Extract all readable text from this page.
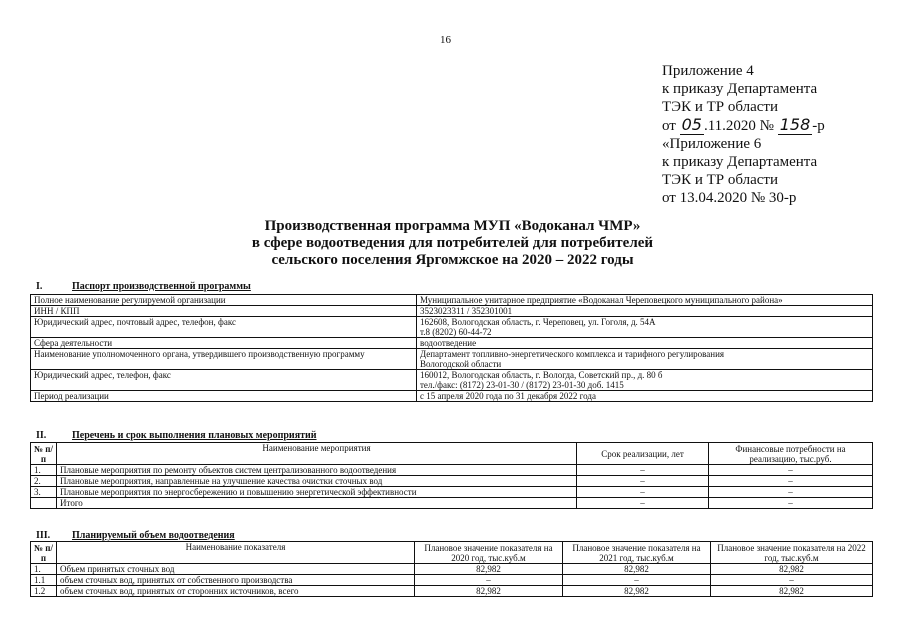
16
Приложение 4
к приказу Департамента
ТЭК и ТР области
от 05 .11.2020 № 158 -р
«Приложение 6
к приказу Департамента
ТЭК и ТР области
от 13.04.2020 № 30-р
Производственная программа МУП «Водоканал ЧМР»
в сфере водоотведения для потребителей для потребителей
сельского поселения Яргомжское на 2020 – 2022 годы
I.	Паспорт производственной программы
Полное наименование регулируемой организации	Муниципальное унитарное предприятие «Водоканал Череповецкого муниципального района»

ИНН / КПП	3523023311 / 352301001

Юридический адрес, почтовый адрес, телефон, факс	162608, Вологодская область, г. Череповец, ул. Гоголя, д. 54А
т.8 (8202) 60-44-72

Сфера деятельности	водоотведение

Наименование уполномоченного органа, утвердившего производственную программу	Департамент топливно-энергетического комплекса и тарифного регулирования
Вологодской области

Юридический адрес, телефон, факс	160012, Вологодская область, г. Вологда, Советский пр., д. 80 б
тел./факс: (8172) 23-01-30 / (8172) 23-01-30 доб. 1415

Период реализации	с 15 апреля 2020 года по 31 декабря 2022 года
II.	Перечень и срок выполнения плановых мероприятий
№ п/п	Наименование мероприятия	Срок реализации, лет	Финансовые потребности на реализацию, тыс.руб.
1.	Плановые мероприятия по ремонту объектов систем централизованного водоотведения	–	–
2.	Плановые мероприятия, направленные на улучшение качества очистки сточных вод	–	–
3.	Плановые мероприятия по энергосбережению и повышению энергетической эффективности	–	–
	Итого	–	–
III. Планируемый объем водоотведения
№ п/п	Наименование показателя	Плановое значение показателя на 2020 год, тыс.куб.м	Плановое значение показателя на 2021 год, тыс.куб.м	Плановое значение показателя на 2022 год, тыс.куб.м
1.	Объем принятых сточных вод	82,982	82,982	82,982
1.1	объем сточных вод, принятых от собственного производства	–	–	–
1.2	объем сточных вод, принятых от сторонних источников, всего	82,982	82,982	82,982
